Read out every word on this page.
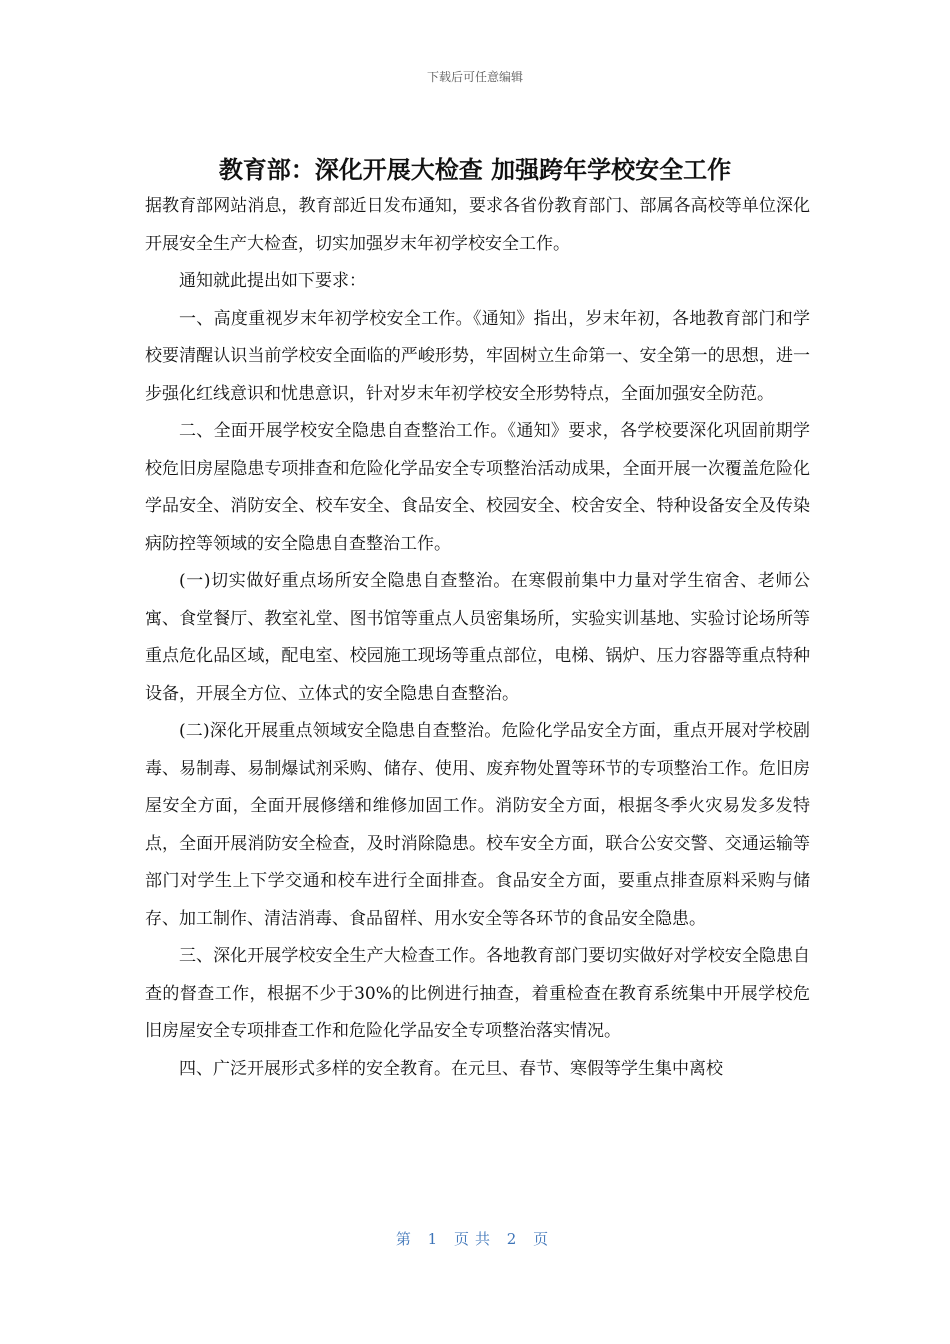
下载后可任意编辑
教育部：深化开展大检查 加强跨年学校安全工作

据教育部网站消息，教育部近日发布通知，要求各省份教育部门、部属各高校等单位深化开展安全生产大检查，切实加强岁末年初学校安全工作。

通知就此提出如下要求：

一、高度重视岁末年初学校安全工作。《通知》指出，岁末年初，各地教育部门和学校要清醒认识当前学校安全面临的严峻形势，牢固树立生命第一、安全第一的思想，进一步强化红线意识和忧患意识，针对岁末年初学校安全形势特点，全面加强安全防范。

二、全面开展学校安全隐患自查整治工作。《通知》要求，各学校要深化巩固前期学校危旧房屋隐患专项排查和危险化学品安全专项整治活动成果，全面开展一次覆盖危险化学品安全、消防安全、校车安全、食品安全、校园安全、校舍安全、特种设备安全及传染病防控等领域的安全隐患自查整治工作。

(一)切实做好重点场所安全隐患自查整治。在寒假前集中力量对学生宿舍、老师公寓、食堂餐厅、教室礼堂、图书馆等重点人员密集场所，实验实训基地、实验讨论场所等重点危化品区域，配电室、校园施工现场等重点部位，电梯、锅炉、压力容器等重点特种设备，开展全方位、立体式的安全隐患自查整治。

(二)深化开展重点领域安全隐患自查整治。危险化学品安全方面，重点开展对学校剧毒、易制毒、易制爆试剂采购、储存、使用、废弃物处置等环节的专项整治工作。危旧房屋安全方面，全面开展修缮和维修加固工作。消防安全方面，根据冬季火灾易发多发特点，全面开展消防安全检查，及时消除隐患。校车安全方面，联合公安交警、交通运输等部门对学生上下学交通和校车进行全面排查。食品安全方面，要重点排查原料采购与储存、加工制作、清洁消毒、食品留样、用水安全等各环节的食品安全隐患。

三、深化开展学校安全生产大检查工作。各地教育部门要切实做好对学校安全隐患自查的督查工作，根据不少于30%的比例进行抽查，着重检查在教育系统集中开展学校危旧房屋安全专项排查工作和危险化学品安全专项整治落实情况。

四、广泛开展形式多样的安全教育。在元旦、春节、寒假等学生集中离校

第 1 页共 2 页
